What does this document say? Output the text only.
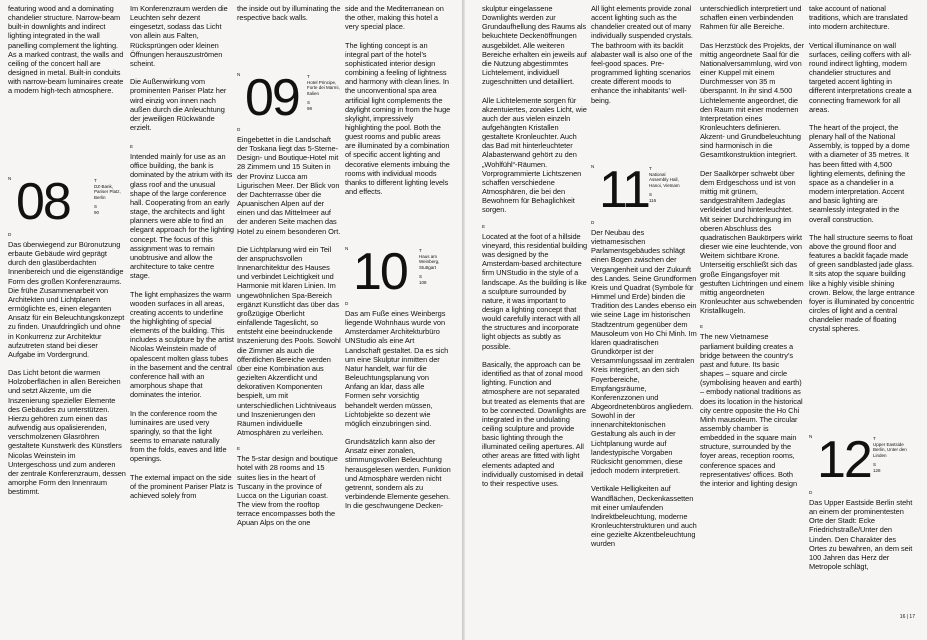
featuring wood and a dominating chandelier structure. Narrow-beam built-in downlights and indirect lighting integrated in the wall panelling complement the lighting. As a marked contrast, the walls and ceiling of the concert hall are designed in metal. Built-in conduits with narrow-beam luminaires create a modern high-tech atmosphere.

N 08	T
DZ-Bank, Pariser Platz, Berlin
S
90
D

Das überwiegend zur Büronutzung erbaute Gebäude wird geprägt durch den glasüberdachten Innenbereich und die eigenständige Form des großen Konferenzraums. Die frühe Zusammenarbeit von Architekten und Lichtplanern ermöglichte es, einen eleganten Ansatz für ein Beleuchtungskonzept zu finden. Unaufdringlich und ohne in Konkurrenz zur Architektur aufzutreten stand bei dieser Aufgabe im Vordergrund.

Das Licht betont die warmen Holzoberflächen in allen Bereichen und setzt Akzente, um die Inszenierung spezieller Elemente des Gebäudes zu unterstützen. Hierzu gehören zum einen das aufwendig aus opalisierenden, verschmolzenen Glasröhren gestaltete Kunstwerk des Künstlers Nicolas Weinstein im Untergeschoss und zum anderen der zentrale Konferenzraum, dessen amorphe Form den Innenraum bestimmt.

Im Konferenzraum werden die Leuchten sehr dezent eingesetzt, sodass das Licht von allein aus Falten, Rücksprüngen oder kleinen Öffnungen herauszuströmen scheint.

Die Außenwirkung vom prominenten Pariser Platz her wird einzig von innen nach außen durch die Anleuchtung der jeweiligen Rückwände erzielt.

E

Intended mainly for use as an office building, the bank is dominated by the atrium with its glass roof and the unusual shape of the large conference hall. Cooperating from an early stage, the architects and light planners were able to find an elegant approach for the lighting concept. The focus of this assignment was to remain unobtrusive and allow the architecture to take centre stage.

The light emphasizes the warm wooden surfaces in all areas, creating accents to underline the highlighting of special elements of the building. This includes a sculpture by the artist Nicolas Weinstein made of opalescent molten glass tubes in the basement and the central conference hall with an amorphous shape that dominates the interior.

In the conference room the luminaires are used very sparingly, so that the light seems to emanate naturally from the folds, eaves and little openings.

The external impact on the side of the prominent Pariser Platz is achieved solely from

the inside out by illuminating the respective back walls.

N 09 T
Hotel Principe, Forte dei Marmi, Italien
S
98
D

Eingebettet in die Landschaft der Toskana liegt das 5-Sterne-Design- und Boutique-Hotel mit 28 Zimmern und 15 Suiten in der Provinz Lucca am Ligurischen Meer. Der Blick von der Dachterrasse über die Apuanischen Alpen auf der einen und das Mittelmeer auf der anderen Seite machen das Hotel zu einem besonderen Ort.

Die Lichtplanung wird ein Teil der anspruchsvollen Innenarchitektur des Hauses und verbindet Leichtigkeit und Harmonie mit klaren Linien. Im ungewöhnlichen Spa-Bereich ergänzt Kunstlicht das über das großzügige Oberlicht einfallende Tageslicht, so entsteht eine beeindruckende Inszenierung des Pools. Sowohl die Zimmer als auch die öffentlichen Bereiche werden über eine Kombination aus gezielten Akzentlicht und dekorativen Komponenten bespielt, um mit unterschiedlichen Lichtniveaus und Inszenierungen den Räumen individuelle Atmosphären zu verleihen.

E

The 5-star design and boutique hotel with 28 rooms and 15 suites lies in the heart of Tuscany in the province of Lucca on the Ligurian coast. The view from the rooftop terrace encompasses both the Apuan Alps on the one

side and the Mediterranean on the other, making this hotel a very special place.

The lighting concept is an integral part of the hotel’s sophisticated interior design combining a feeling of lightness and harmony with clean lines. In the unconventional spa area artificial light complements the daylight coming in from the huge skylight, impressively highlighting the pool. Both the guest rooms and public areas are illuminated by a combination of specific accent lighting and decorative elements imbuing the rooms with individual moods thanks to different lighting levels and effects.

N 10	T
Haus am Weinberg, Stuttgart
S
108
D

Das am Fuße eines Weinbergs liegende Wohnhaus wurde von Amsterdamer Architekturbüro UNStudio als eine Art Landschaft gestaltet. Da es sich um eine Skulptur inmitten der Natur handelt, war für die Beleuchtungsplanung von Anfang an klar, dass alle Formen sehr vorsichtig behandelt werden müssen, Lichtobjekte so dezent wie möglich einzubringen sind.

Grundsätzlich kann also der Ansatz einer zonalen, stimmungsvollen Beleuchtung herausgelesen werden. Funktion und Atmosphäre werden nicht getrennt, sondern als zu verbindende Elemente gesehen. In die geschwungene Decken-

skulptur eingelassene Downlights werden zur Grundaufhellung des Raums als bekuchtete Deckenöffnungen ausgebildet. Alle weiteren Bereiche erhalten ein jeweils auf die Nutzung abgestimmtes Lichtelement, individuell zugeschnitten und detailliert.

Alle Lichtelemente sorgen für akzentuiertes, zonales Licht, wie auch der aus vielen einzeln aufgehängten Kristallen gestaltete Kronleuchter. Auch das Bad mit hinterleuchteter Alabasterwand gehört zu den „Wohlfühl“-Räumen. Vorprogrammierte Lichtszenen schaffen verschiedene Atmosphären, die bei den Bewohnern für Behaglichkeit sorgen.

E

Located at the foot of a hillside vineyard, this residential building was designed by the Amsterdam-based architecture firm UNStudio in the style of a landscape. As the building is like a sculpture surrounded by nature, it was important to design a lighting concept that would carefully interact with all the structures and incorporate light objects as subtly as possible.

Basically, the approach can be identified as that of zonal mood lighting. Function and atmosphere are not separated but treated as elements that are to be connected. Downlights are integrated in the undulating ceiling sculpture and provide basic lighting through the illuminated ceiling apertures. All other areas are fitted with light elements adapted and individually customised in detail to their respective uses.

All light elements provide zonal accent lighting such as the chandelier created out of many individually suspended crystals. The bathroom with its backlit alabaster wall is also one of the feel-good spaces. Pre-programmed lighting scenarios create different moods to enhance the inhabitants’ well-being.

N 11 T
National Assembly Hall, Hanoi, Vietnam
S
116
D

Der Neubau des vietnamesischen Parlamentsgebäudes schlägt einen Bogen zwischen der Vergangenheit und der Zukunft des Landes. Seine Grundformen Kreis und Quadrat (Symbole für Himmel und Erde) binden die Tradition des Landes ebenso ein wie seine Lage im historischen Stadtzentrum gegenüber dem Mausoleum von Ho Chi Minh. Im klaren quadratischen Grundkörper ist der Versammlungssaal im zentralen Kreis integriert, an den sich Foyerbereiche, Empfangsräume, Konferenzzonen und Abgeordnetenbüros angliedern. Sowohl in der innenarchitektonischen Gestaltung als auch in der Lichtplanung wurde auf landestypische Vorgaben Rücksicht genommen, diese jedoch modern interpretiert.

Vertikale Helligkeiten auf Wandflächen, Deckenkassetten mit einer umlaufenden Indirektbeleuchtung, moderne Kronleuchterstrukturen und auch eine gezielte Akzentbeleuchtung wurden

unterschiedlich interpretiert und schaffen einen verbindenden Rahmen für alle Bereiche.

Das Herzstück des Projekts, der mittig angeordnete Saal für die Nationalversammlung, wird von einer Kuppel mit einem Durchmesser von 35 m überspannt. In ihr sind 4.500 Lichtelemente angeordnet, die den Raum mit einer modernen Interpretation eines Kronleuchters definieren. Akzent- und Grundbeleuchtung sind harmonisch in die Gesamtkonstruktion integriert.

Der Saalkörper schwebt über dem Erdgeschoss und ist von mittig mit grünem, sandgestrahltem Jadeglas verkleidet und hinterleuchtet. Mit seiner Durchdringung im oberen Abschluss des quadratischen Baukörpers wirkt dieser wie eine leuchtende, von Weitem sichtbare Krone. Unterseitig erschließt sich das große Eingangsfoyer mit gestuften Lichtringen und einem mittig angeordneten Kronleuchter aus schwebenden Kristallkugeln.

E

The new Vietnamese parliament building creates a bridge between the country’s past and future. Its basic shapes – square and circle (symbolising heaven and earth) – embody national traditions as does its location in the historical city centre opposite the Ho Chi Minh mausoleum. The circular assembly chamber is embedded in the square main structure, surrounded by the foyer areas, reception rooms, conference spaces and representatives’ offices. Both the interior and lighting design

take account of national traditions, which are translated into modern architecture.

Vertical illuminance on wall surfaces, ceiling coffers with all-round indirect lighting, modern chandelier structures and targeted accent lighting in different interpretations create a connecting framework for all areas.

The heart of the project, the plenary hall of the National Assembly, is topped by a dome with a diameter of 35 metres. It has been fitted with 4,500 lighting elements, defining the space as a chandelier in a modern interpretation. Accent and basic lighting are seamlessly integrated in the overall construction.

The hall structure seems to float above the ground floor and features a backlit façade made of green sandblasted jade glass. It sits atop the square building like a highly visible shining crown. Below, the large entrance foyer is illuminated by concentric circles of light and a central chandelier made of floating crystal spheres.

N 12 T
Upper Eastside Berlin, Unter den Linden
S
128
D

Das Upper Eastside Berlin steht an einem der prominentesten Orte der Stadt: Ecke Friedrichstraße/Unter den Linden. Den Charakter des Ortes zu bewahren, an dem seit 100 Jahren das Herz der Metropole schlägt,

16 | 17
